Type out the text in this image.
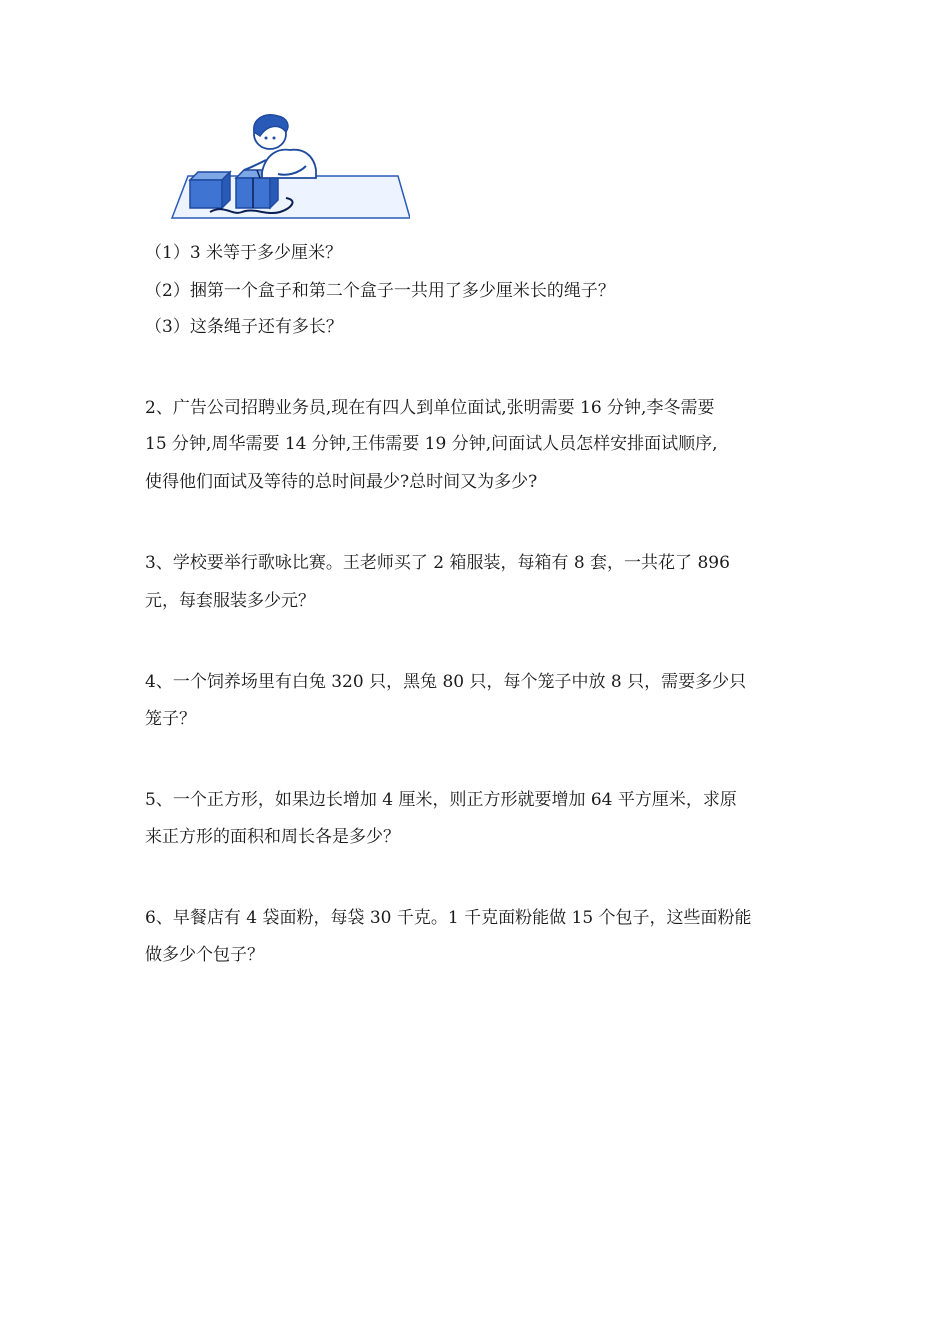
（1）3 米等于多少厘米？
（2）捆第一个盒子和第二个盒子一共用了多少厘米长的绳子？
（3）这条绳子还有多长？
2、广告公司招聘业务员,现在有四人到单位面试,张明需要 16 分钟,李冬需要
15 分钟,周华需要 14 分钟,王伟需要 19 分钟,问面试人员怎样安排面试顺序,
使得他们面试及等待的总时间最少?总时间又为多少?
3、学校要举行歌咏比赛。王老师买了 2 箱服装，每箱有 8 套，一共花了 896
元，每套服装多少元？
4、一个饲养场里有白兔 320 只，黑兔 80 只，每个笼子中放 8 只，需要多少只
笼子？
5、一个正方形，如果边长增加 4 厘米，则正方形就要增加 64 平方厘米，求原
来正方形的面积和周长各是多少？
6、早餐店有 4 袋面粉，每袋 30 千克。1 千克面粉能做 15 个包子，这些面粉能
做多少个包子？
